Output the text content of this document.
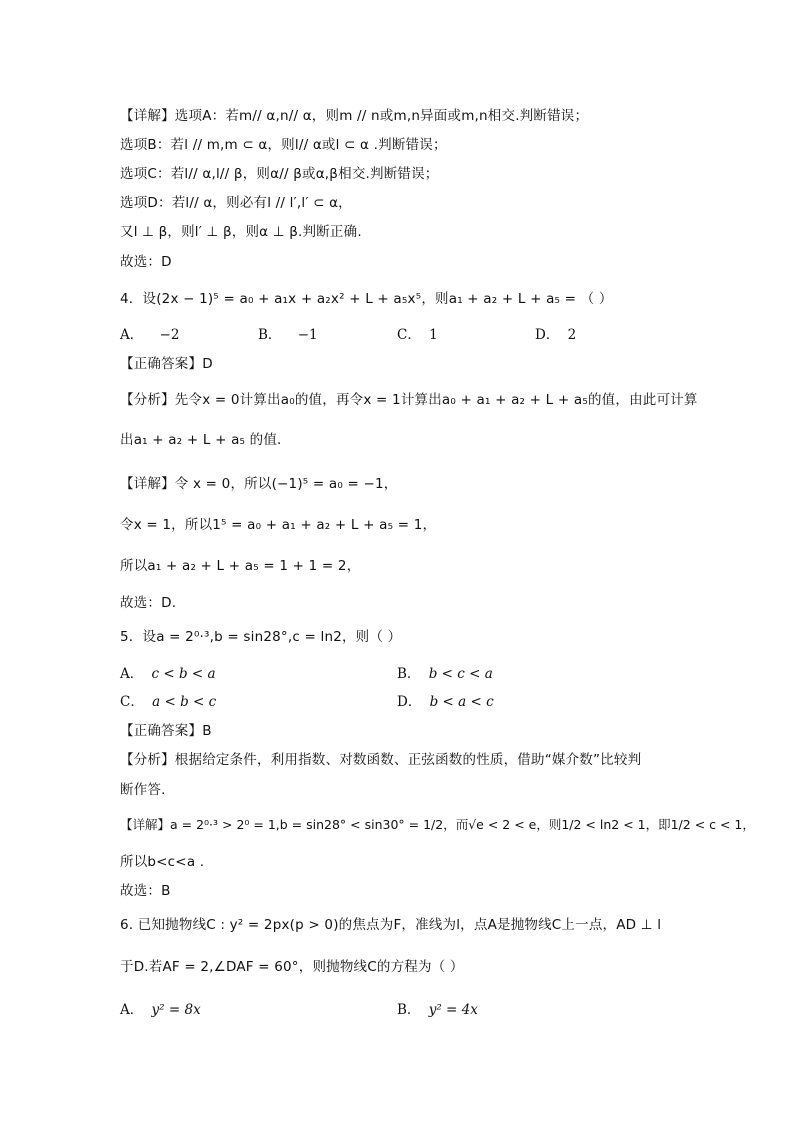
【详解】选项A：若m// α,n// α，则m // n或m,n异面或m,n相交.判断错误；
选项B：若l // m,m ⊂ α，则l// α或l ⊂ α .判断错误；
选项C：若l// α,l// β，则α// β或α,β相交.判断错误；
选项D：若l// α，则必有l // l′,l′ ⊂ α，
又l ⊥ β，则l′ ⊥ β，则α ⊥ β.判断正确.
故选：D
4．设(2x − 1)⁵ = a₀ + a₁x + a₂x² + L + a₅x⁵，则a₁ + a₂ + L + a₅ = （ ）
A． −2	B． −1	C． 1	D． 2
【正确答案】D
【分析】先令x = 0计算出a₀的值，再令x = 1计算出a₀ + a₁ + a₂ + L + a₅的值，由此可计算
出a₁ + a₂ + L + a₅ 的值.
【详解】令 x = 0，所以(−1)⁵ = a₀ = −1，
令x = 1，所以1⁵ = a₀ + a₁ + a₂ + L + a₅ = 1，
所以a₁ + a₂ + L + a₅ = 1 + 1 = 2，
故选：D.
5．设a = 2⁰·³,b = sin28°,c = ln2，则（ ）
A． c < b < a	B． b < c < a
C． a < b < c	D． b < a < c
【正确答案】B
【分析】根据给定条件，利用指数、对数函数、正弦函数的性质，借助“媒介数”比较判
断作答.
【详解】a = 2⁰·³ > 2⁰ = 1,b = sin28° < sin30° = 1/2，而√e < 2 < e，则1/2 < ln2 < 1，即1/2 < c < 1，
所以b<c<a .
故选：B
6. 已知抛物线C : y² = 2px(p > 0)的焦点为F，准线为l，点A是抛物线C上一点，AD ⊥ l
于D.若AF = 2,∠DAF = 60°，则抛物线C的方程为（ ）
A． y² = 8x	B． y² = 4x
